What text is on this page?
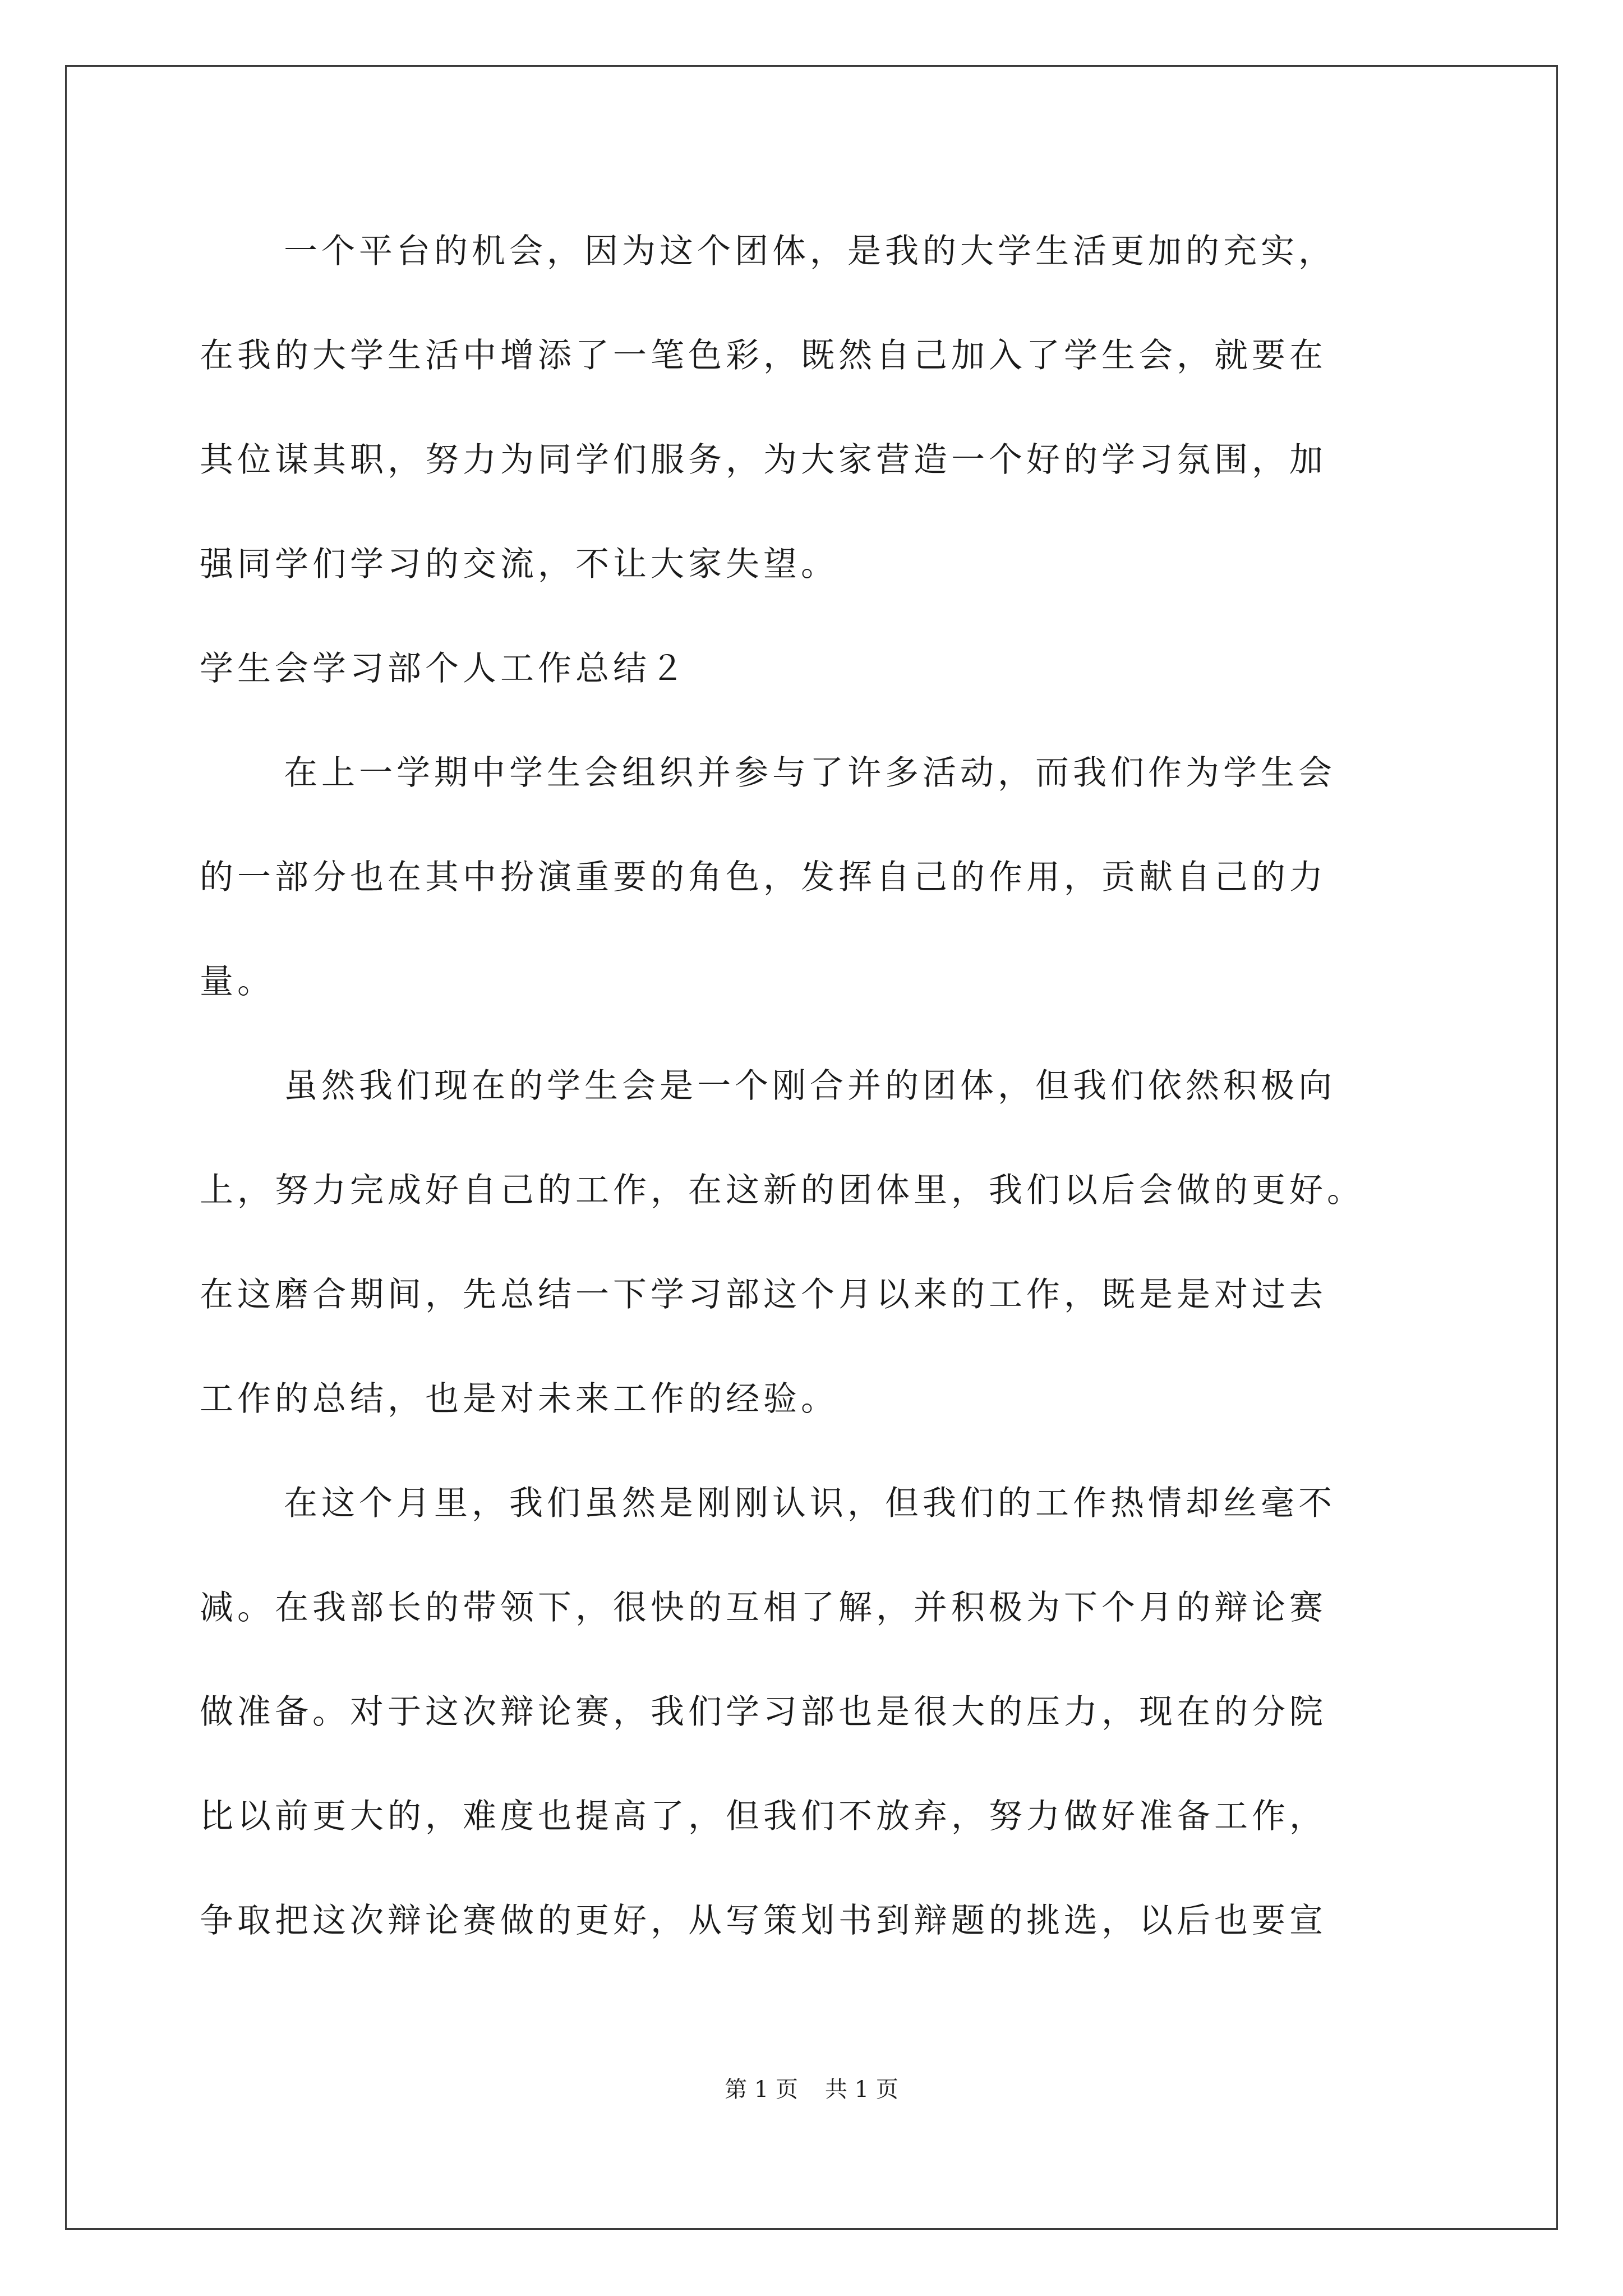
一个平台的机会，因为这个团体，是我的大学生活更加的充实，
在我的大学生活中增添了一笔色彩，既然自己加入了学生会，就要在
其位谋其职，努力为同学们服务，为大家营造一个好的学习氛围，加
强同学们学习的交流，不让大家失望。
学生会学习部个人工作总结２
在上一学期中学生会组织并参与了许多活动，而我们作为学生会
的一部分也在其中扮演重要的角色，发挥自己的作用，贡献自己的力
量。
虽然我们现在的学生会是一个刚合并的团体，但我们依然积极向
上，努力完成好自己的工作，在这新的团体里，我们以后会做的更好。
在这磨合期间，先总结一下学习部这个月以来的工作，既是是对过去
工作的总结，也是对未来工作的经验。
在这个月里，我们虽然是刚刚认识，但我们的工作热情却丝毫不
减。在我部长的带领下，很快的互相了解，并积极为下个月的辩论赛
做准备。对于这次辩论赛，我们学习部也是很大的压力，现在的分院
比以前更大的，难度也提高了，但我们不放弃，努力做好准备工作，
争取把这次辩论赛做的更好，从写策划书到辩题的挑选，以后也要宣
第 1 页 共 1 页
